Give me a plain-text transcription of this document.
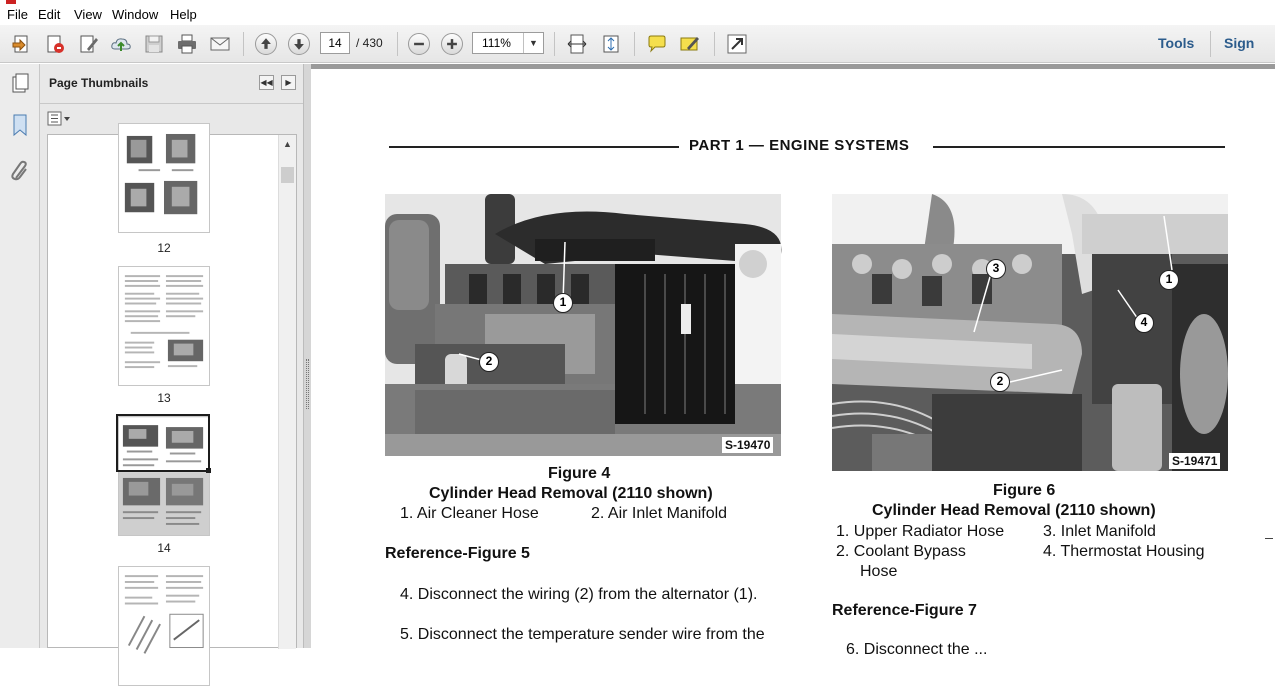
File Edit View Window Help
14	/ 430	111%	▼	Tools Sign
Page Thumbnails	◀◀	▶
12
13
14
▲	PART 1 — ENGINE SYSTEMS
1
2
S-19470
1
2
3
4
S-19471
Figure 4
Cylinder Head Removal (2110 shown)
1. Air Cleaner Hose	2. Air Inlet Manifold
Figure 6
Cylinder Head Removal (2110 shown)
1. Upper Radiator Hose 3. Inlet Manifold
2. Coolant Bypass	4. Thermostat Housing
Hose
Reference-Figure 5
4. Disconnect the wiring (2) from the alternator (1).
5. Disconnect the temperature sender wire from the
Reference-Figure 7
6. Disconnect the ...
